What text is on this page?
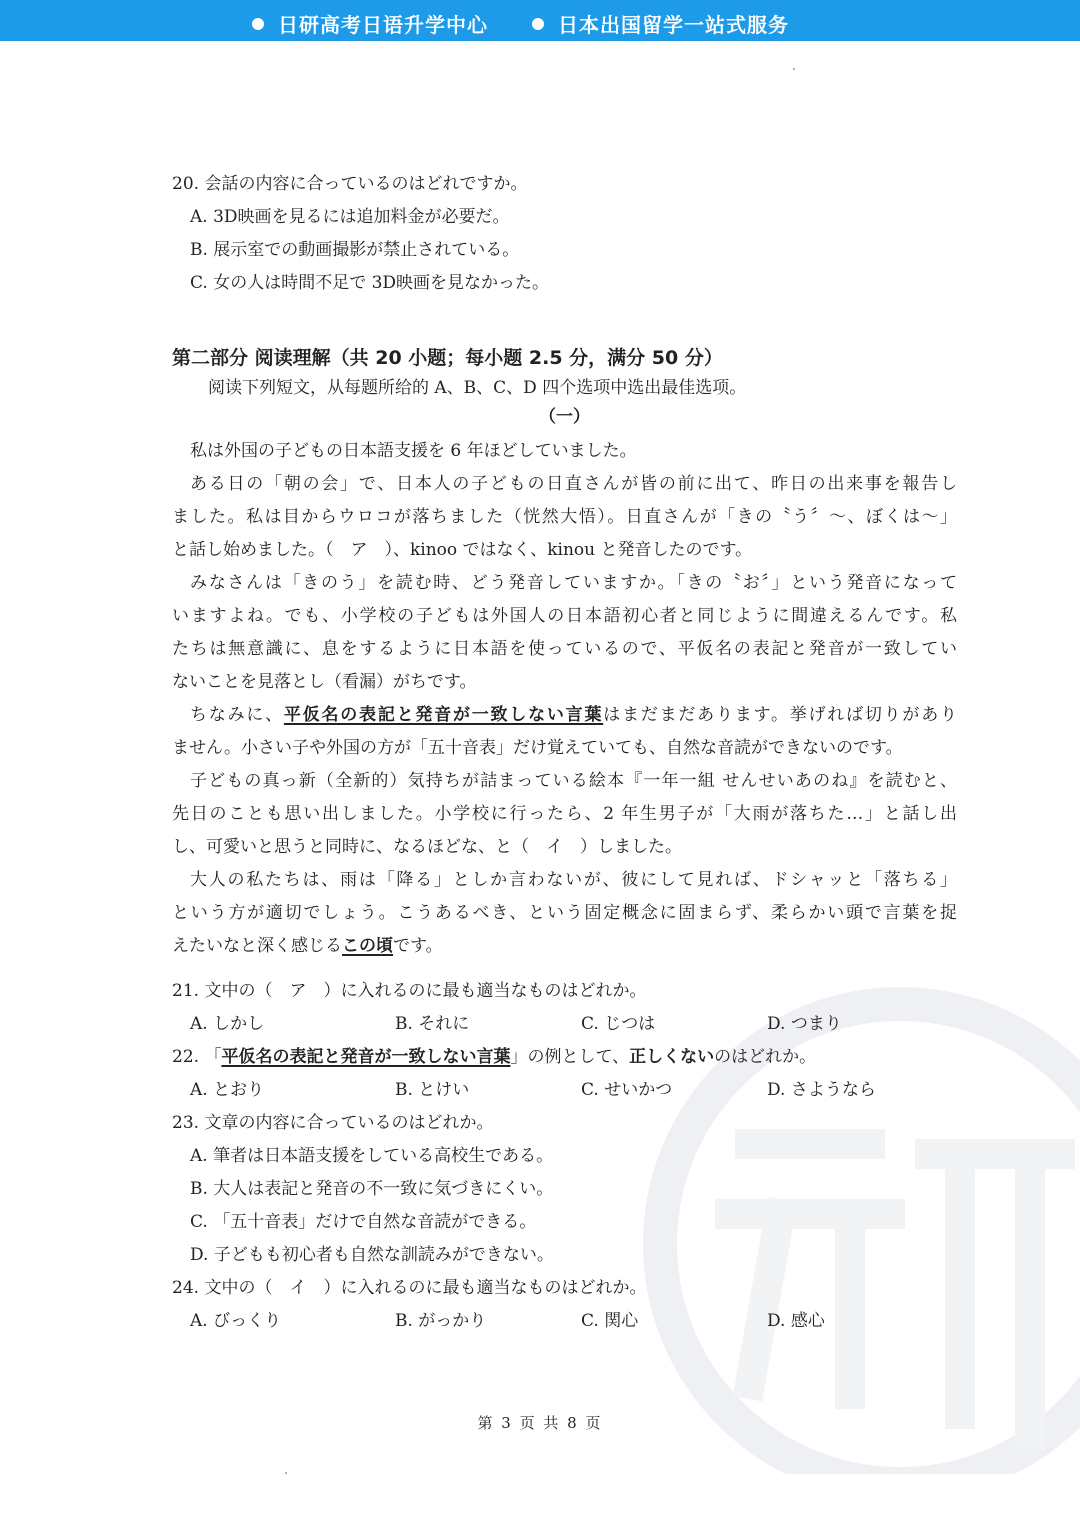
日研高考日语升学中心	日本出国留学一站式服务
20. 会話の内容に合っているのはどれですか。
A. 3D映画を見るには追加料金が必要だ。
B. 展示室での動画撮影が禁止されている。
C. 女の人は時間不足で 3D映画を見なかった。
第二部分 阅读理解（共 20 小题；每小题 2.5 分，满分 50 分）
阅读下列短文，从每题所给的 A、B、C、D 四个选项中选出最佳选项。
（一）
私は外国の子どもの日本語支援を 6 年ほどしていました。
ある日の「朝の会」で、日本人の子どもの日直さんが皆の前に出て、昨日の出来事を報告し
ました。私は目からウロコが落ちました（恍然大悟）。日直さんが「きの〝う〞～、ぼくは～」
と話し始めました。（　ア　）、kinoo ではなく、kinou と発音したのです。
みなさんは「きのう」を読む時、どう発音していますか。「きの〝お〞」という発音になって
いますよね。でも、小学校の子どもは外国人の日本語初心者と同じように間違えるんです。私
たちは無意識に、息をするように日本語を使っているので、平仮名の表記と発音が一致してい
ないことを見落とし（看漏）がちです。
ちなみに、平仮名の表記と発音が一致しない言葉はまだまだあります。挙げれば切りがあり
ません。小さい子や外国の方が「五十音表」だけ覚えていても、自然な音読ができないのです。
子どもの真っ新（全新的）気持ちが詰まっている絵本『一年一組 せんせいあのね』を読むと、
先日のことも思い出しました。小学校に行ったら、2 年生男子が「大雨が落ちた…」と話し出
し、可愛いと思うと同時に、なるほどな、と（　イ　）しました。
大人の私たちは、雨は「降る」としか言わないが、彼にして見れば、ドシャッと「落ちる」
という方が適切でしょう。こうあるべき、という固定概念に固まらず、柔らかい頭で言葉を捉
えたいなと深く感じるこの頃です。
21. 文中の（　ア　）に入れるのに最も適当なものはどれか。
A. しかし	B. それに	C. じつは	D. つまり
22. 「平仮名の表記と発音が一致しない言葉」の例として、正しくないのはどれか。
A. とおり	B. とけい	C. せいかつ	D. さようなら
23. 文章の内容に合っているのはどれか。
A. 筆者は日本語支援をしている高校生である。
B. 大人は表記と発音の不一致に気づきにくい。
C. 「五十音表」だけで自然な音読ができる。
D. 子どもも初心者も自然な訓読みができない。
24. 文中の（　イ　）に入れるのに最も適当なものはどれか。
A. びっくり	B. がっかり	C. 関心	D. 感心
第 3 页 共 8 页
